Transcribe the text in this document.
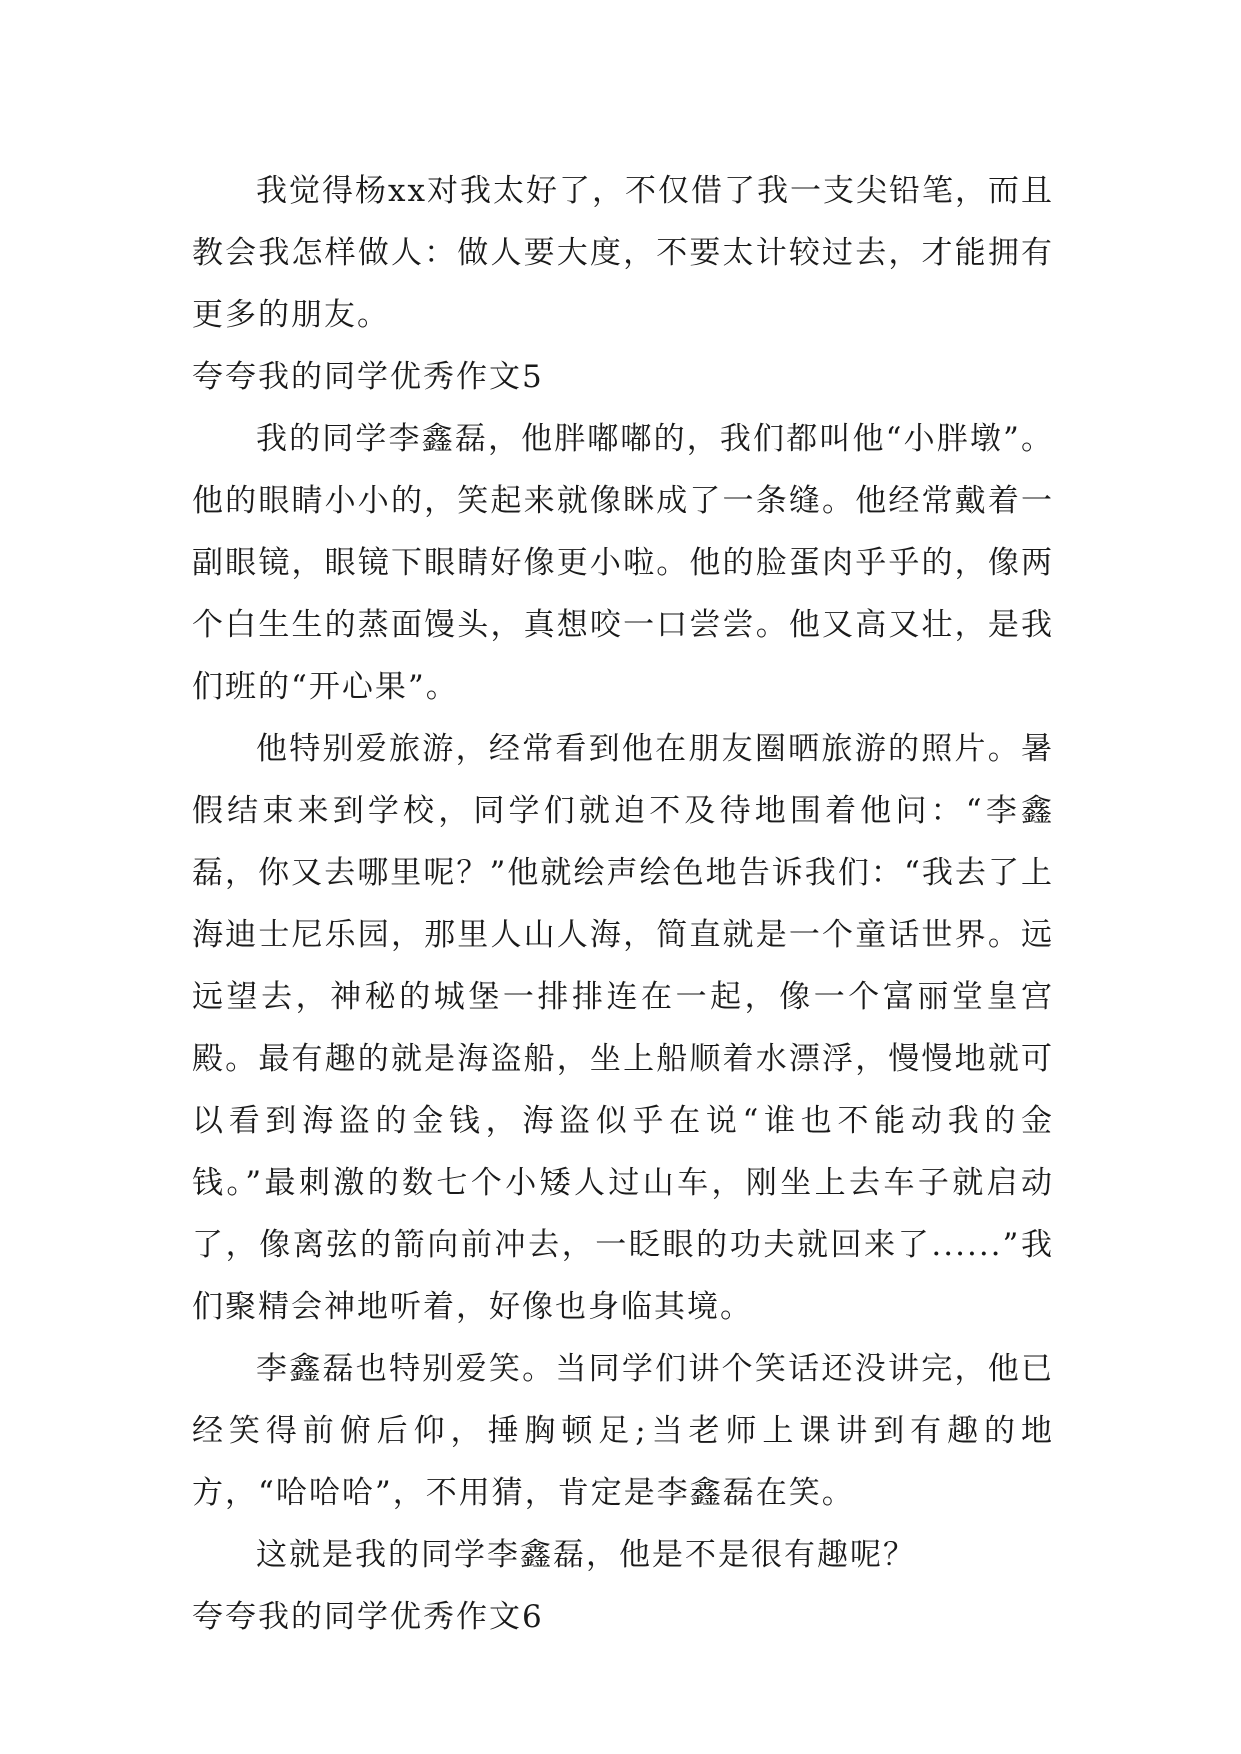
我觉得杨xx对我太好了，不仅借了我一支尖铅笔，而且教会我怎样做人：做人要大度，不要太计较过去，才能拥有更多的朋友。

夸夸我的同学优秀作文5

我的同学李鑫磊，他胖嘟嘟的，我们都叫他“小胖墩”。他的眼睛小小的，笑起来就像眯成了一条缝。他经常戴着一副眼镜，眼镜下眼睛好像更小啦。他的脸蛋肉乎乎的，像两个白生生的蒸面馒头，真想咬一口尝尝。他又高又壮，是我们班的“开心果”。

他特别爱旅游，经常看到他在朋友圈晒旅游的照片。暑假结束来到学校，同学们就迫不及待地围着他问：“李鑫磊，你又去哪里呢？”他就绘声绘色地告诉我们：“我去了上海迪士尼乐园，那里人山人海，简直就是一个童话世界。远远望去，神秘的城堡一排排连在一起，像一个富丽堂皇宫殿。最有趣的就是海盗船，坐上船顺着水漂浮，慢慢地就可以看到海盗的金钱，海盗似乎在说“谁也不能动我的金钱。”最刺激的数七个小矮人过山车，刚坐上去车子就启动了，像离弦的箭向前冲去，一眨眼的功夫就回来了......”我们聚精会神地听着，好像也身临其境。

李鑫磊也特别爱笑。当同学们讲个笑话还没讲完，他已经笑得前俯后仰，捶胸顿足;当老师上课讲到有趣的地方，“哈哈哈”，不用猜，肯定是李鑫磊在笑。

这就是我的同学李鑫磊，他是不是很有趣呢？

夸夸我的同学优秀作文6
